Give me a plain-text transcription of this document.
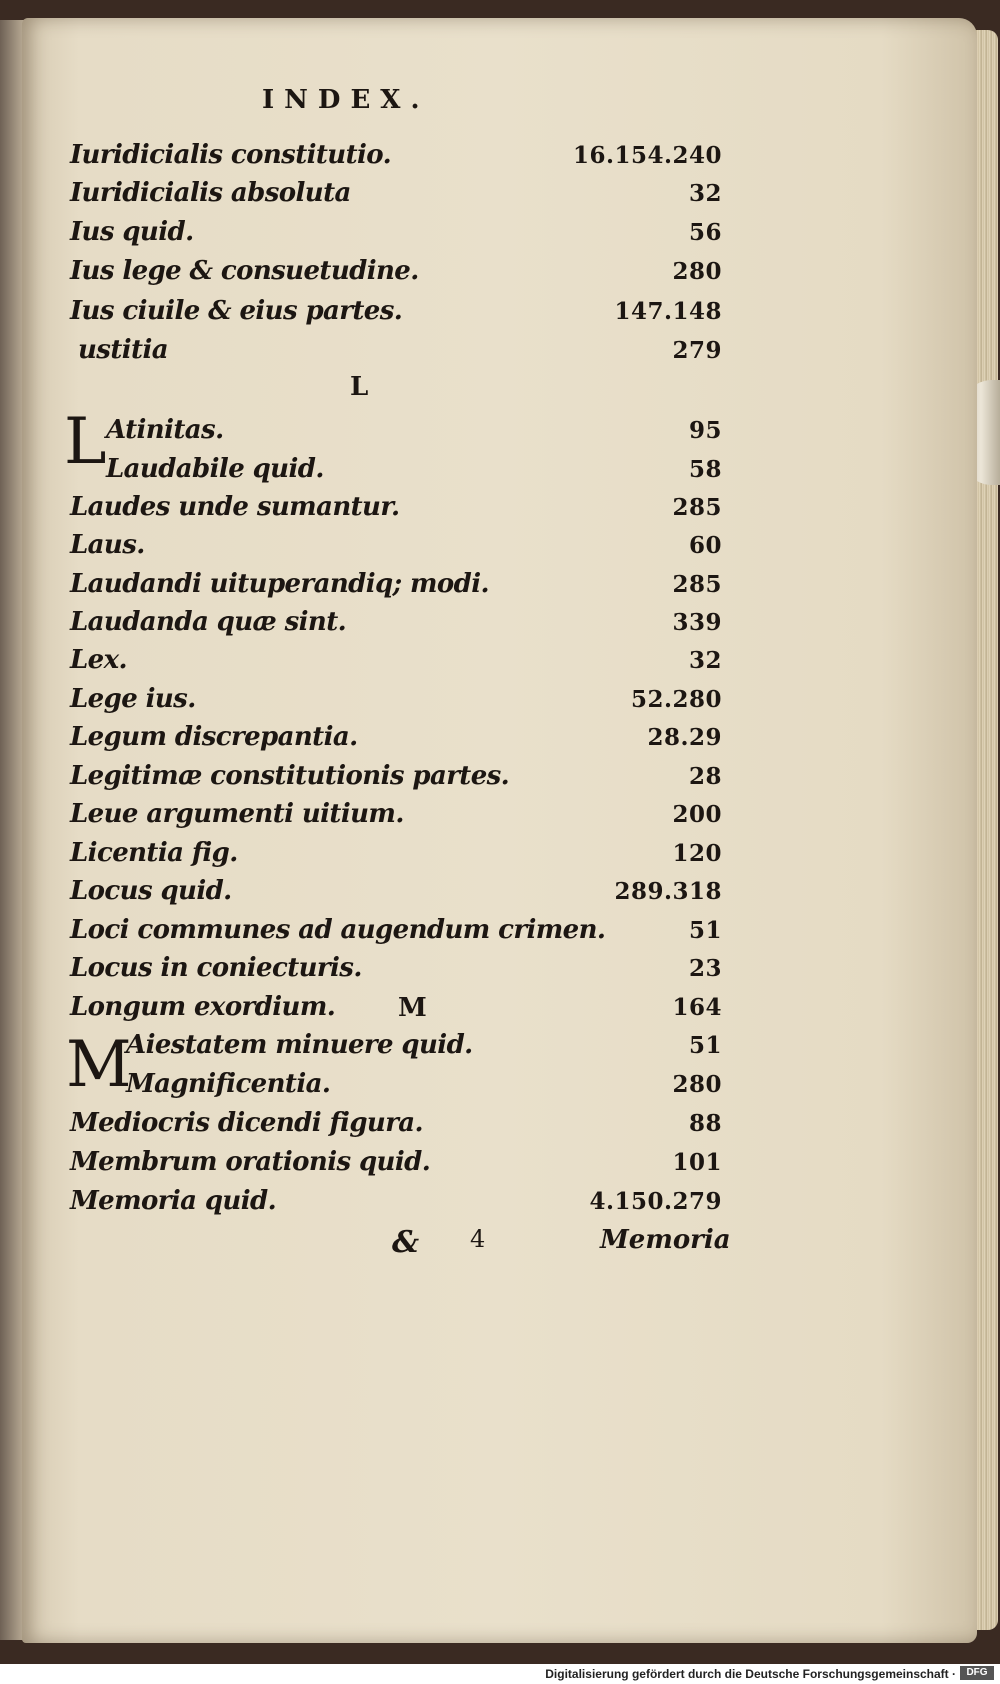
INDEX.
Iuridicialis constitutio.	16.154.240
Iuridicialis absoluta	32
Ius quid.	56
Ius lege & consuetudine.	280
Ius ciuile & eius partes.	147.148
ustitia	279
L
L Atinitas.	95
Laudabile quid.	58
Laudes unde sumantur.	285
Laus.	60
Laudandi uituperandiq; modi.	285
Laudanda quæ sint.	339
Lex.	32
Lege ius.	52.280
Legum discrepantia.	28.29
Legitimæ constitutionis partes.	28
Leue argumenti uitium.	200
Licentia fig.	120
Locus quid.	289.318
Loci communes ad augendum crimen.	51
Locus in coniecturis.	23
Longum exordium.	164
M
M
Aiestatem minuere quid.	51
Magnificentia.	280
Mediocris dicendi figura.	88
Membrum orationis quid.	101
Memoria quid.	4.150.279
& 4	Memoria
Digitalisierung gefördert durch die Deutsche Forschungsgemeinschaft ·	DFG
